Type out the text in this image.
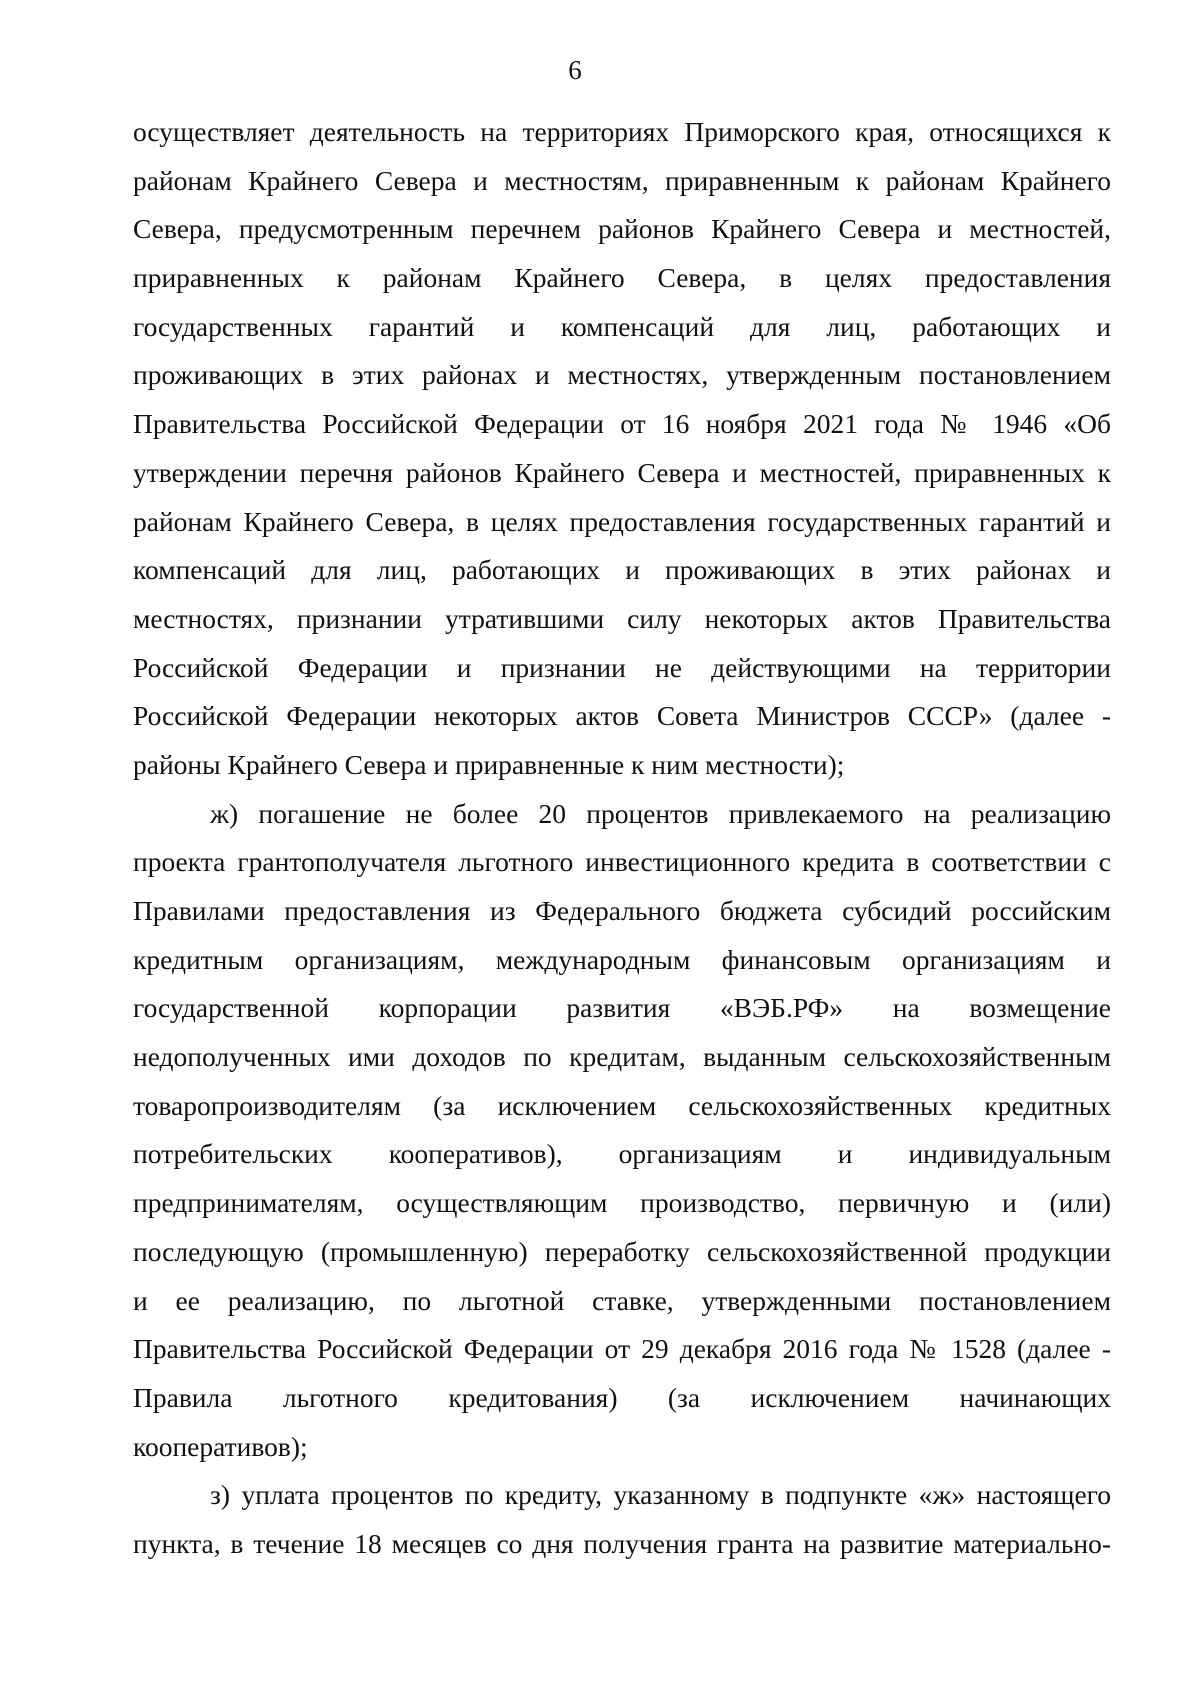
6

осуществляет деятельность на территориях Приморского края, относящихся к
районам Крайнего Севера и местностям, приравненным к районам Крайнего
Севера, предусмотренным перечнем районов Крайнего Севера и местностей,
приравненных к районам Крайнего Севера, в целях предоставления
государственных гарантий и компенсаций для лиц, работающих и
проживающих в этих районах и местностях, утвержденным постановлением
Правительства Российской Федерации от 16 ноября 2021 года № 1946 «Об
утверждении перечня районов Крайнего Севера и местностей, приравненных к
районам Крайнего Севера, в целях предоставления государственных гарантий и
компенсаций для лиц, работающих и проживающих в этих районах и
местностях, признании утратившими силу некоторых актов Правительства
Российской Федерации и признании не действующими на территории
Российской Федерации некоторых актов Совета Министров СССР» (далее -
районы Крайнего Севера и приравненные к ним местности);

ж) погашение не более 20 процентов привлекаемого на реализацию
проекта грантополучателя льготного инвестиционного кредита в соответствии с
Правилами предоставления из Федерального бюджета субсидий российским
кредитным организациям, международным финансовым организациям и
государственной корпорации развития «ВЭБ.РФ» на возмещение
недополученных ими доходов по кредитам, выданным сельскохозяйственным
товаропроизводителям (за исключением сельскохозяйственных кредитных
потребительских кооперативов), организациям и индивидуальным
предпринимателям, осуществляющим производство, первичную и (или)
последующую (промышленную) переработку сельскохозяйственной продукции
и ее реализацию, по льготной ставке, утвержденными постановлением
Правительства Российской Федерации от 29 декабря 2016 года № 1528 (далее -
Правила льготного кредитования) (за исключением начинающих
кооперативов);

з) уплата процентов по кредиту, указанному в подпункте «ж» настоящего
пункта, в течение 18 месяцев со дня получения гранта на развитие материально-
